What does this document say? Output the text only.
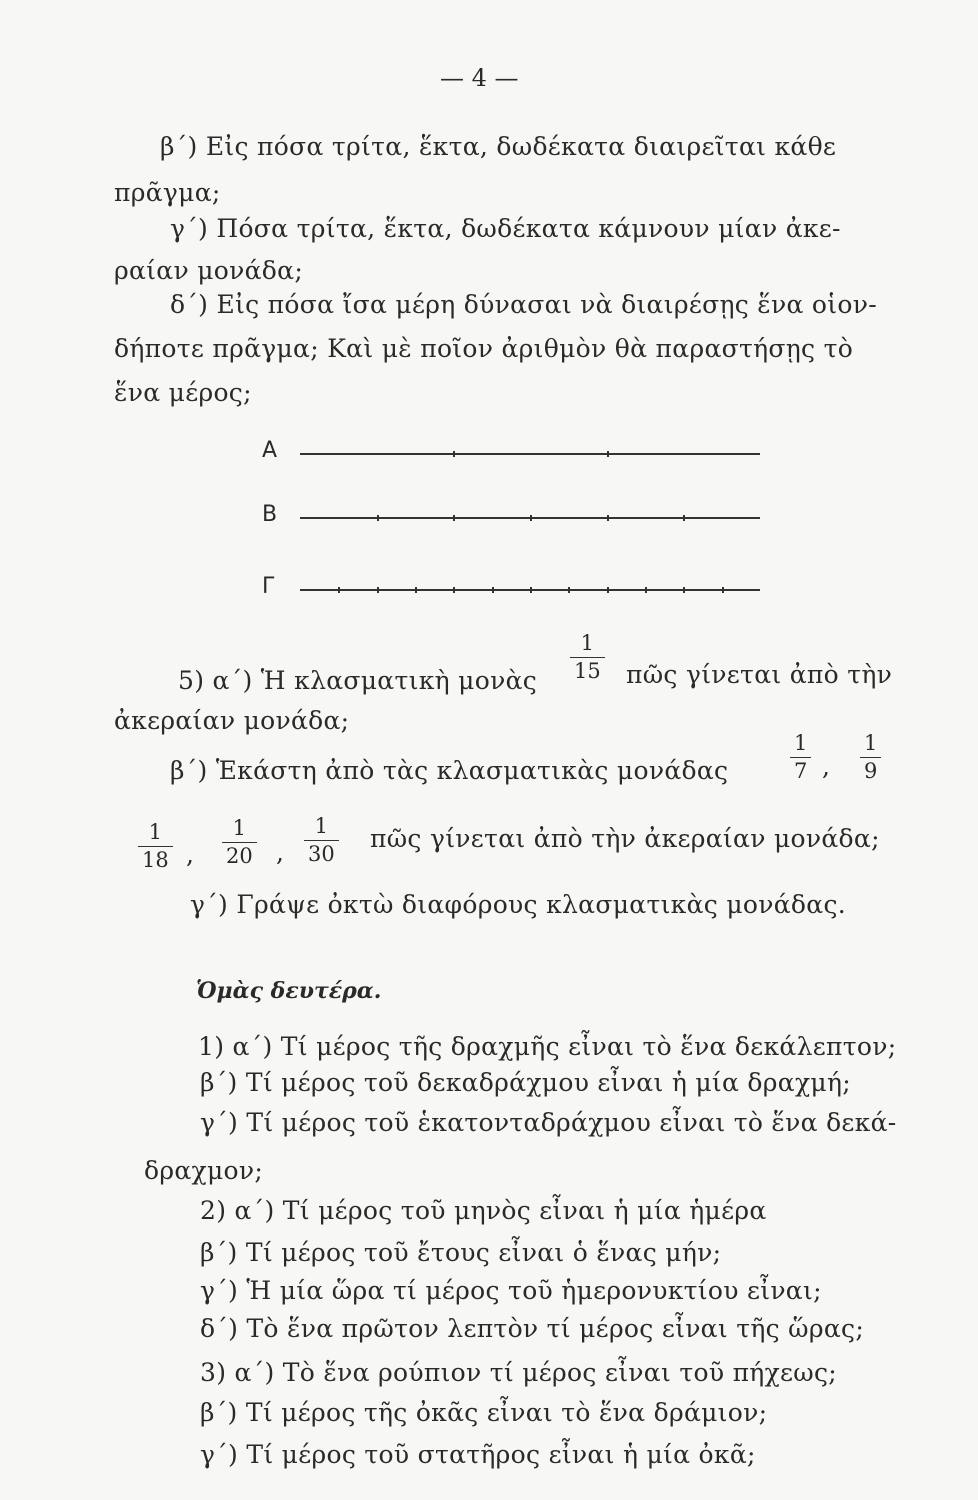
— 4 —
β΄) Εἰς πόσα τρίτα, ἕκτα, δωδέκατα διαιρεῖται κάθε
πρᾶγμα;
γ΄) Πόσα τρίτα, ἕκτα, δωδέκατα κάμνουν μίαν ἀκε-
ραίαν μονάδα;
δ΄) Εἰς πόσα ἴσα μέρη δύνασαι νὰ διαιρέσῃς ἕνα οἱον-
δήποτε πρᾶγμα; Καὶ μὲ ποῖον ἀριθμὸν θὰ παραστήσῃς τὸ
ἕνα μέρος;
A
B
Γ
5) α΄) Ἡ κλασματικὴ μονὰς $\frac{1}{15}$ πῶς γίνεται ἀπὸ τὴν
ἀκεραίαν μονάδα;
β΄) Ἑκάστη ἀπὸ τὰς κλασματικὰς μονάδας	$\frac{1}{7}$ , $\frac{1}{9}$
$\frac{1}{18}$ , $\frac{1}{20}$ , $\frac{1}{30}$ πῶς γίνεται ἀπὸ τὴν ἀκεραίαν μονάδα;
γ΄) Γράψε ὀκτὼ διαφόρους κλασματικὰς μονάδας.
Ὁμὰς δευτέρα.
1) α΄) Τί μέρος τῆς δραχμῆς εἶναι τὸ ἕνα δεκάλεπτον;
β΄) Τί μέρος τοῦ δεκαδράχμου εἶναι ἡ μία δραχμή;
γ΄) Τί μέρος τοῦ ἑκατονταδράχμου εἶναι τὸ ἕνα δεκά-
δραχμον;
2) α΄) Τί μέρος τοῦ μηνὸς εἶναι ἡ μία ἡμέρα
β΄) Τί μέρος τοῦ ἔτους εἶναι ὁ ἕνας μήν;
γ΄) Ἡ μία ὥρα τί μέρος τοῦ ἡμερονυκτίου εἶναι;
δ΄) Τὸ ἕνα πρῶτον λεπτὸν τί μέρος εἶναι τῆς ὥρας;
3) α΄) Τὸ ἕνα ρούπιον τί μέρος εἶναι τοῦ πήχεως;
β΄) Τί μέρος τῆς ὀκᾶς εἶναι τὸ ἕνα δράμιον;
γ΄) Τί μέρος τοῦ στατῆρος εἶναι ἡ μία ὀκᾶ;
